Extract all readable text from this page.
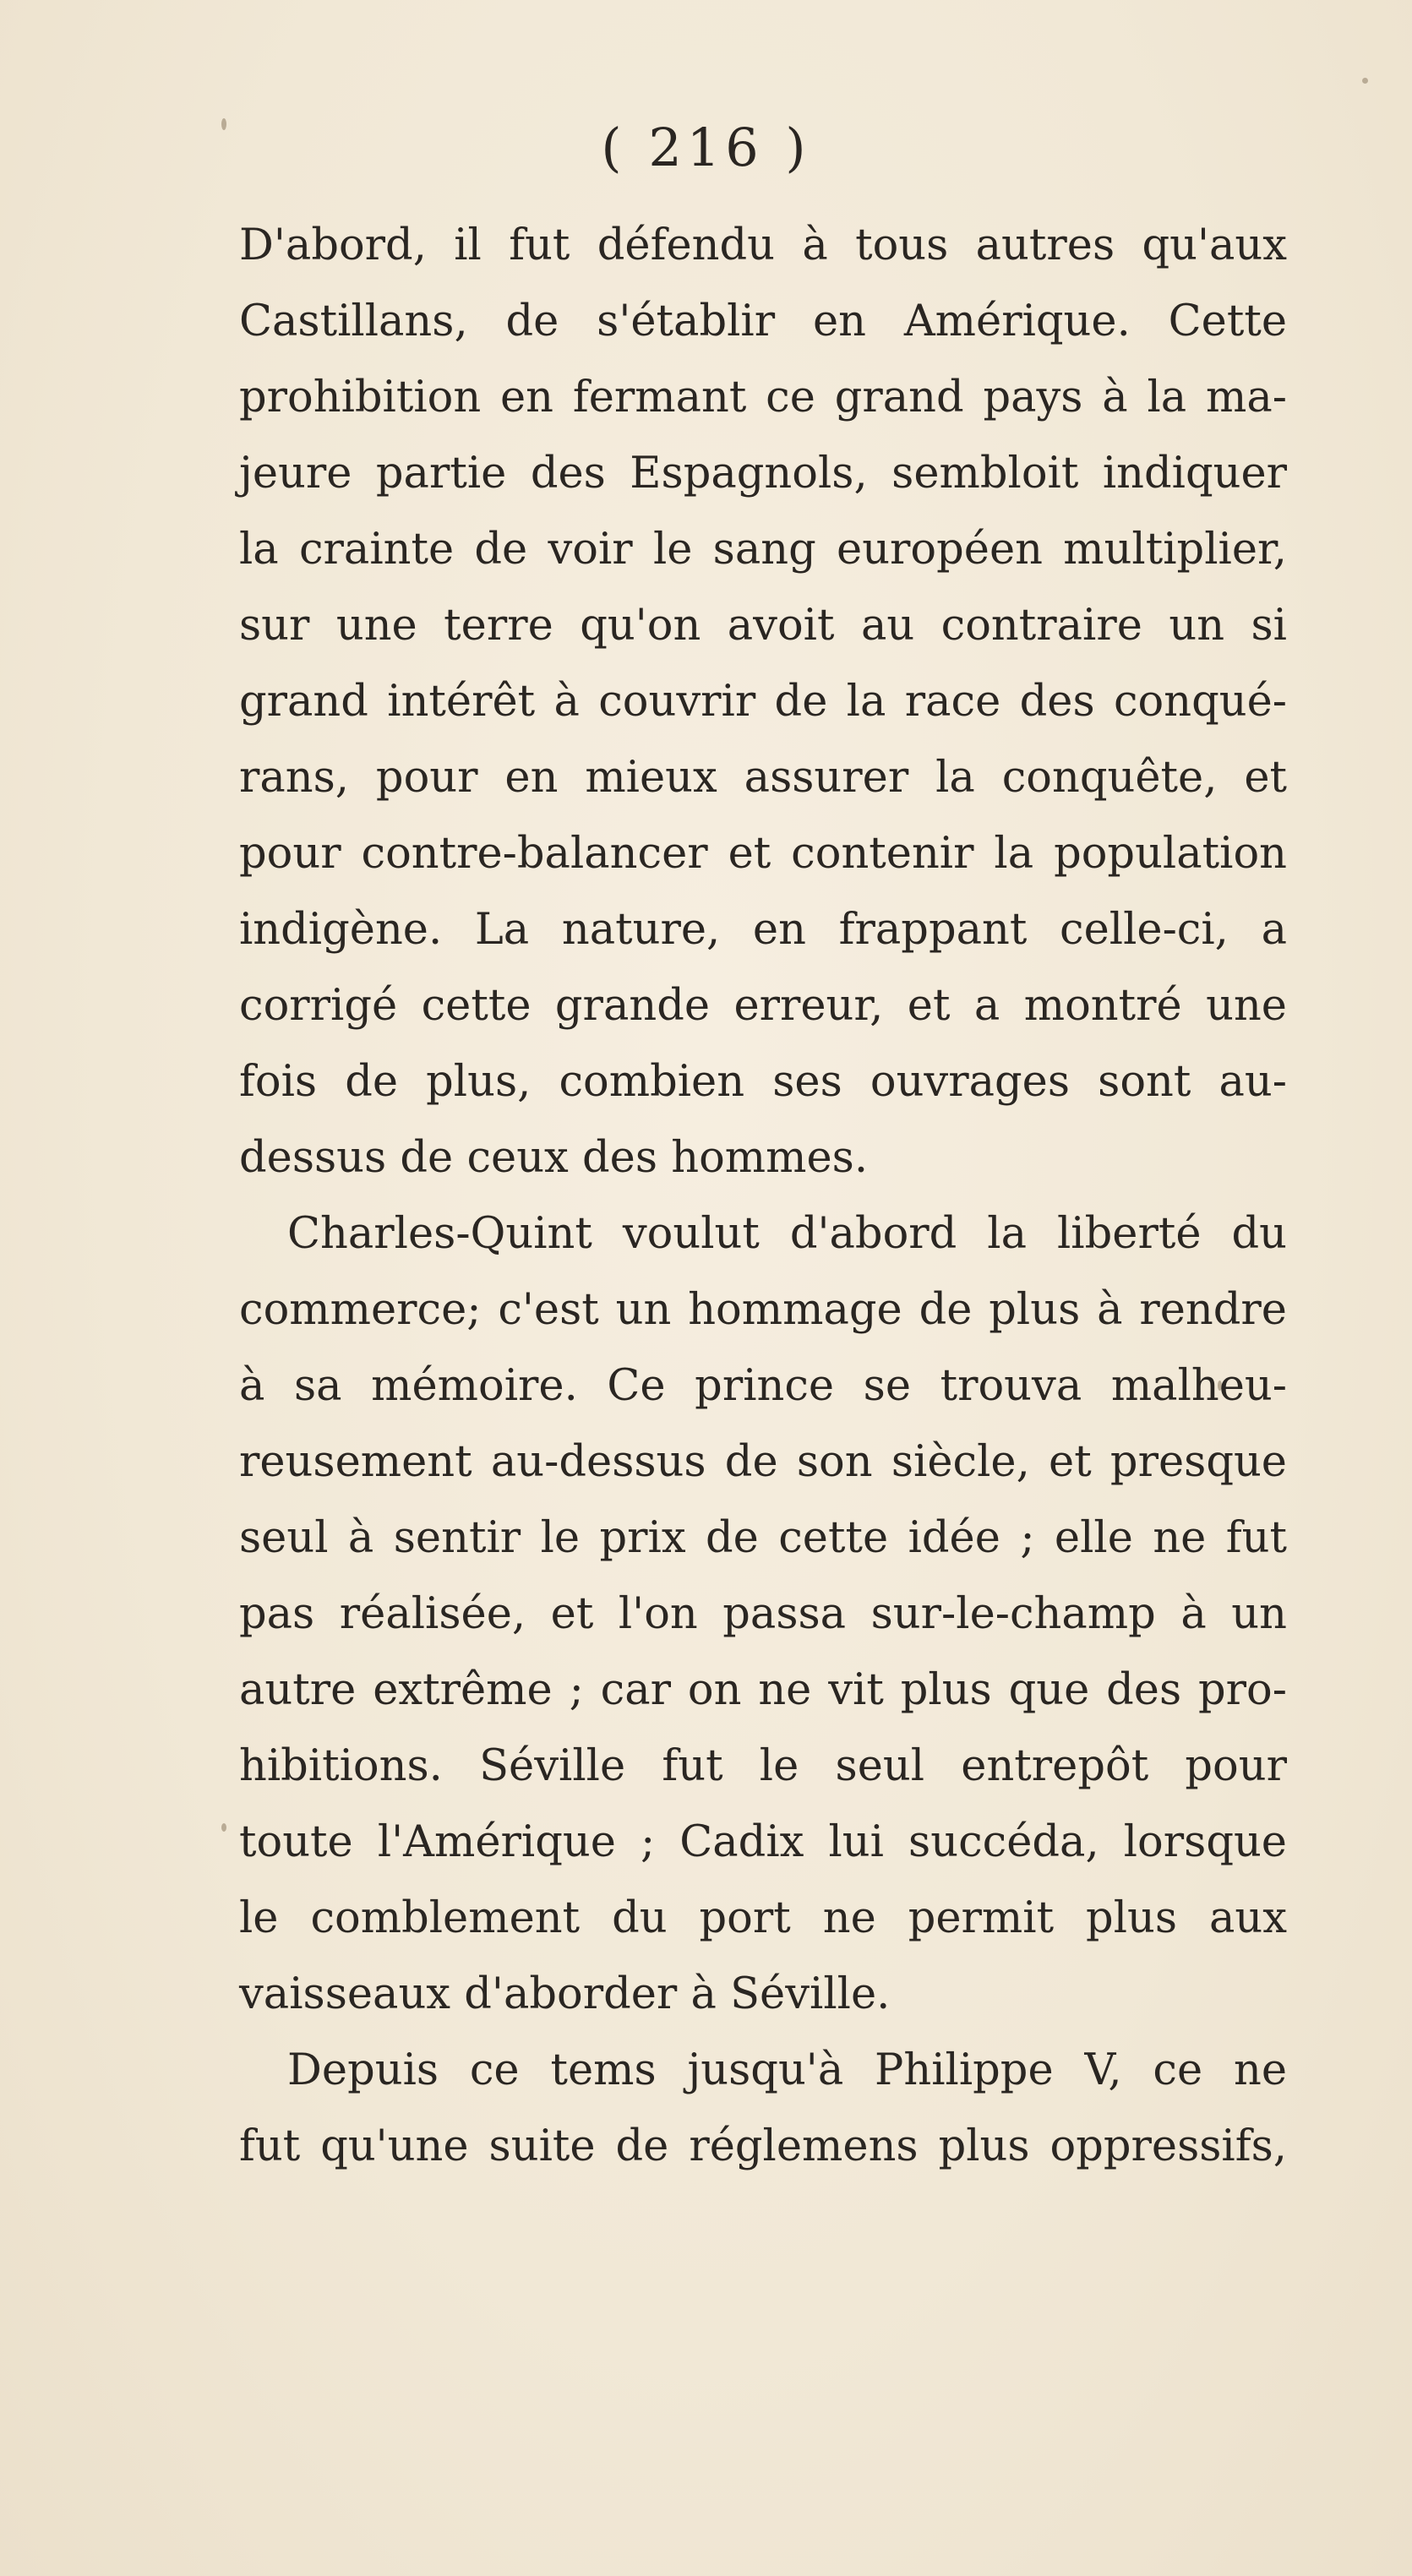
( 216 )
D'abord, il fut défendu à tous autres qu'aux
Castillans, de s'établir en Amérique. Cette
prohibition en fermant ce grand pays à la ma-
jeure partie des Espagnols, sembloit indiquer
la crainte de voir le sang européen multiplier,
sur une terre qu'on avoit au contraire un si
grand intérêt à couvrir de la race des conqué-
rans, pour en mieux assurer la conquête, et
pour contre-balancer et contenir la population
indigène. La nature, en frappant celle-ci, a
corrigé cette grande erreur, et a montré une
fois de plus, combien ses ouvrages sont au-
dessus de ceux des hommes.
Charles-Quint voulut d'abord la liberté du
commerce; c'est un hommage de plus à rendre
à sa mémoire. Ce prince se trouva malheu-
reusement au-dessus de son siècle, et presque
seul à sentir le prix de cette idée ; elle ne fut
pas réalisée, et l'on passa sur-le-champ à un
autre extrême ; car on ne vit plus que des pro-
hibitions. Séville fut le seul entrepôt pour
toute l'Amérique ; Cadix lui succéda, lorsque
le comblement du port ne permit plus aux
vaisseaux d'aborder à Séville.
Depuis ce tems jusqu'à Philippe V, ce ne
fut qu'une suite de réglemens plus oppressifs,
